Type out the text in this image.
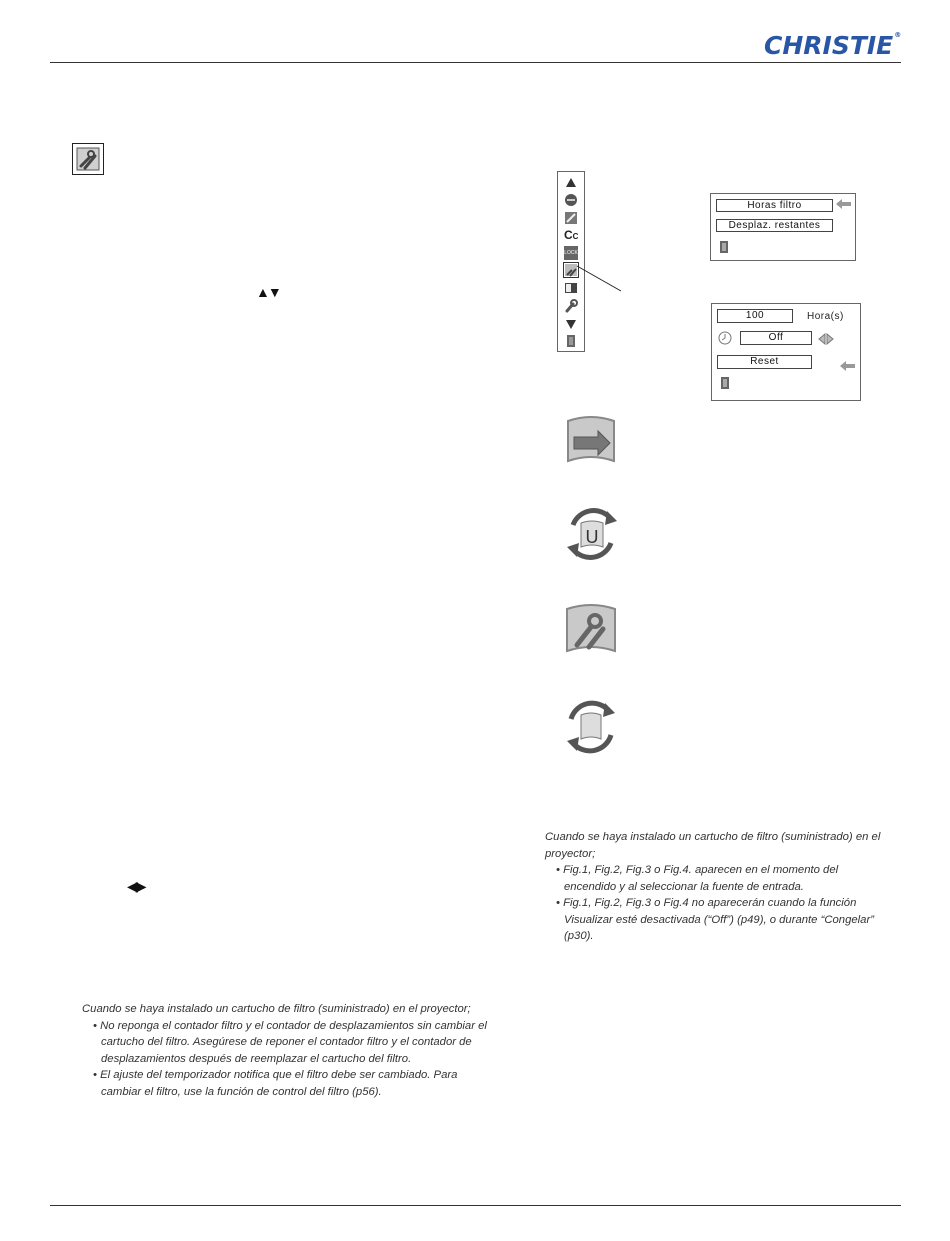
CHRISTIE®
▲▼
◀▶
CC
LOCK
Horas filtro
Desplaz. restantes
100	Hora(s)
Off
Reset
U
Cuando se haya instalado un cartucho de filtro (suministrado) en el proyector;
• Fig.1, Fig.2, Fig.3 o Fig.4. aparecen en el momento del encendido y al seleccionar la fuente de entrada.
• Fig.1, Fig.2, Fig.3 o Fig.4 no aparecerán cuando la función Visualizar esté desactivada (“Off”) (p49), o durante “Congelar” (p30).
Cuando se haya instalado un cartucho de filtro (suministrado) en el proyector;
• No reponga el contador filtro y el contador de desplazamientos sin cambiar el cartucho del filtro. Asegúrese de reponer el contador filtro y el contador de desplazamientos después de reemplazar el cartucho del filtro.
• El ajuste del temporizador notifica que el filtro debe ser cambiado. Para cambiar el filtro, use la función de control del filtro (p56).
